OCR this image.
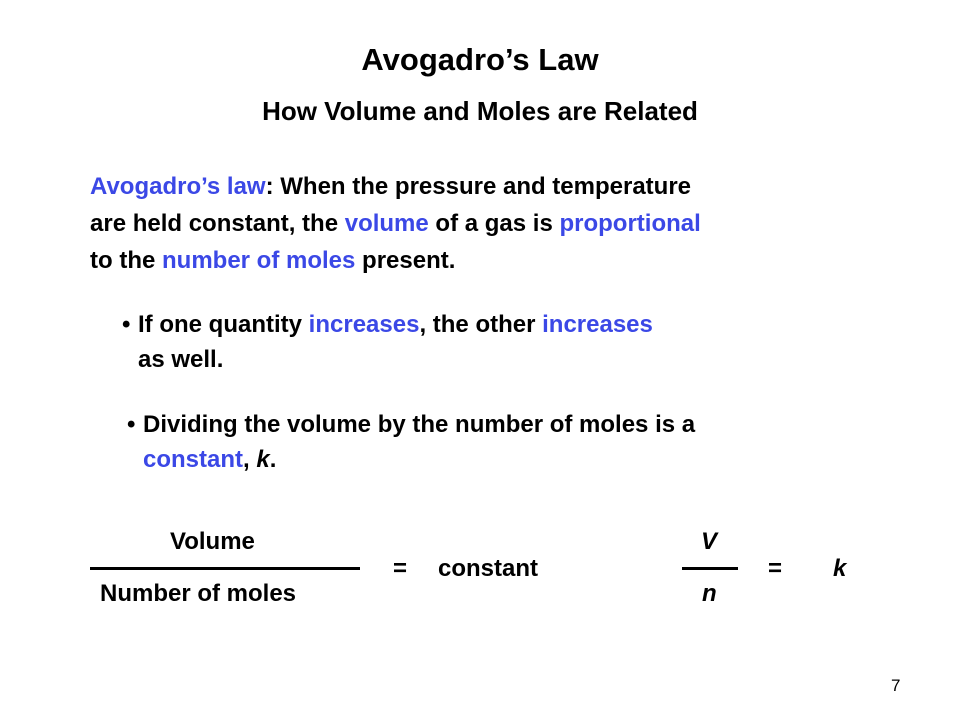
Avogadro’s Law
How Volume and Moles are Related
Avogadro’s law: When the pressure and temperature
are held constant, the volume of a gas is proportional
to the number of moles present.
• If one quantity increases, the other increases
as well.
• Dividing the volume by the number of moles is a
constant, k.
Volume
Number of moles
= constant
V
n
= k
7
